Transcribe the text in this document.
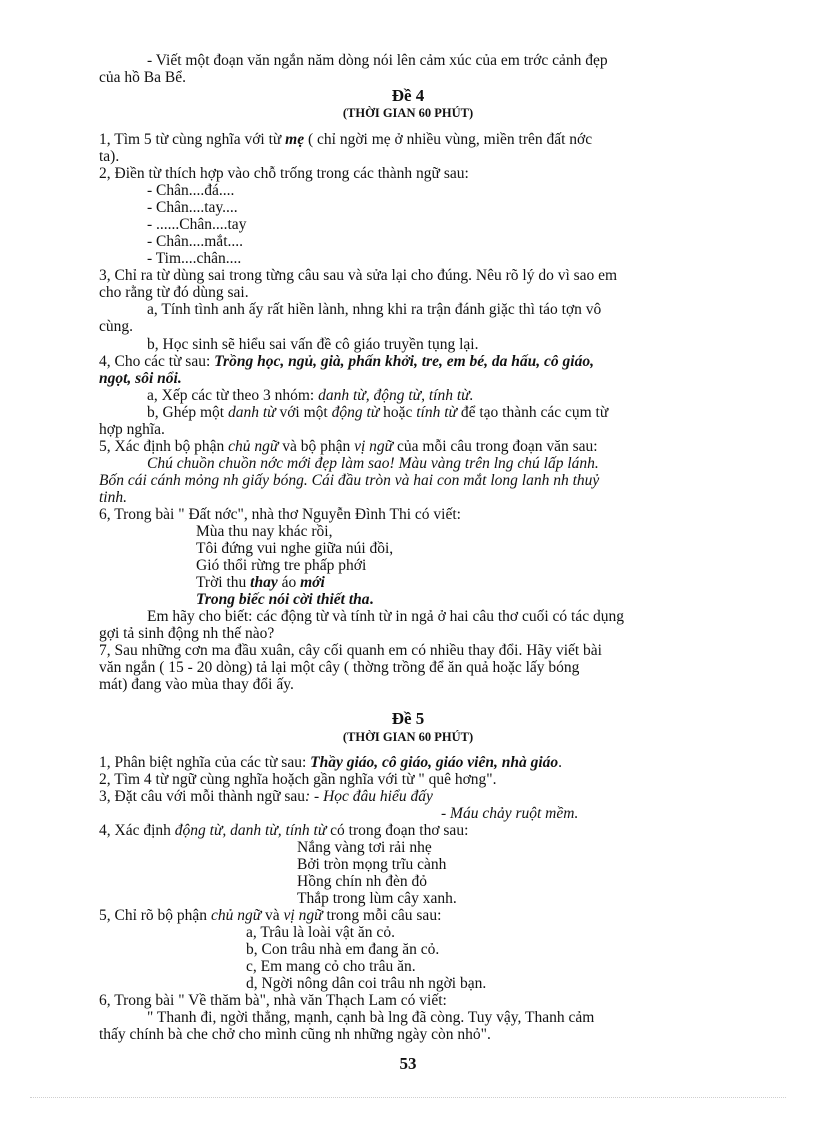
- Viết một đoạn văn ngắn năm dòng nói lên cảm xúc của em trớc cảnh đẹp
của hồ Ba Bể.
Đề 4
(THỜI GIAN 60 PHÚT)
1, Tìm 5 từ cùng nghĩa với từ mẹ ( chỉ ngời mẹ ở nhiều vùng, miền trên đất nớc
ta).
2, Điền từ thích hợp vào chỗ trống trong các thành ngữ sau:
- Chân....đá....
- Chân....tay....
- ......Chân....tay
- Chân....mắt....
- Tim....chân....
3, Chỉ ra từ dùng sai trong từng câu sau và sửa lại cho đúng. Nêu rõ lý do vì sao em
cho rằng từ đó dùng sai.
a, Tính tình anh ấy rất hiền lành, nhng khi ra trận đánh giặc thì táo tợn vô
cùng.
b, Học sinh sẽ hiểu sai vấn đề cô giáo truyền tụng lại.
4, Cho các từ sau: Trồng học, ngủ, già, phấn khởi, tre, em bé, da hấu, cô giáo,
ngọt, sôi nổi.
a, Xếp các từ theo 3 nhóm: danh từ, động từ, tính từ.
b, Ghép một danh từ với một động từ hoặc tính từ để tạo thành các cụm từ
hợp nghĩa.
5, Xác định bộ phận chủ ngữ và bộ phận vị ngữ của mỗi câu trong đoạn văn sau:
Chú chuồn chuồn nớc mới đẹp làm sao! Màu vàng trên lng chú lấp lánh.
Bốn cái cánh mỏng nh giấy bóng. Cái đầu tròn và hai con mắt long lanh nh thuỷ
tinh.
6, Trong bài " Đất nớc", nhà thơ Nguyễn Đình Thi có viết:
Mùa thu nay khác rồi,
Tôi đứng vui nghe giữa núi đồi,
Gió thổi rừng tre phấp phới
Trời thu thay áo mới
Trong biếc nói cời thiết tha.
Em hãy cho biết: các động từ và tính từ in ngả ở hai câu thơ cuối có tác dụng
gợi tả sinh động nh thế nào?
7, Sau những cơn ma đầu xuân, cây cối quanh em có nhiều thay đổi. Hãy viết bài
văn ngắn ( 15 - 20 dòng) tả lại một cây ( thờng trồng để ăn quả hoặc lấy bóng
mát) đang vào mùa thay đổi ấy.
Đề 5
(THỜI GIAN 60 PHÚT)
1, Phân biệt nghĩa của các từ sau: Thầy giáo, cô giáo, giáo viên, nhà giáo.
2, Tìm 4 từ ngữ cùng nghĩa hoặch gần nghĩa với từ " quê hơng".
3, Đặt câu với mỗi thành ngữ sau: - Học đâu hiểu đấy
- Máu chảy ruột mềm.
4, Xác định động từ, danh từ, tính từ có trong đoạn thơ sau:
Nắng vàng tơi rải nhẹ
Bởi tròn mọng trĩu cành
Hồng chín nh đèn đỏ
Thắp trong lùm cây xanh.
5, Chỉ rõ bộ phận chủ ngữ và vị ngữ trong mỗi câu sau:
a, Trâu là loài vật ăn cỏ.
b, Con trâu nhà em đang ăn cỏ.
c, Em mang cỏ cho trâu ăn.
d, Ngời nông dân coi trâu nh ngời bạn.
6, Trong bài " Về thăm bà", nhà văn Thạch Lam có viết:
" Thanh đi, ngời thẳng, mạnh, cạnh bà lng đã còng. Tuy vậy, Thanh cảm
thấy chính bà che chở cho mình cũng nh những ngày còn nhỏ".
53
